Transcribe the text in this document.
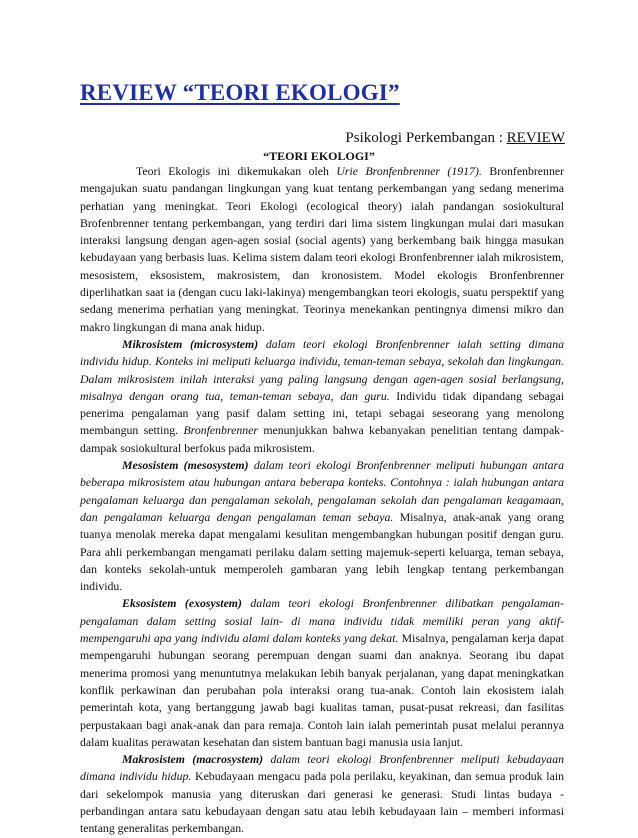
REVIEW “TEORI EKOLOGI”
Psikologi Perkembangan : REVIEW
“TEORI EKOLOGI”

Teori Ekologis ini dikemukakan oleh Urie Bronfenbrenner (1917). Bronfenbrenner mengajukan suatu pandangan lingkungan yang kuat tentang perkembangan yang sedang menerima perhatian yang meningkat. Teori Ekologi (ecological theory) ialah pandangan sosiokultural Brofenbrenner tentang perkembangan, yang terdiri dari lima sistem lingkungan mulai dari masukan interaksi langsung dengan agen-agen sosial (social agents) yang berkembang baik hingga masukan kebudayaan yang berbasis luas. Kelima sistem dalam teori ekologi Bronfenbrenner ialah mikrosistem, mesosistem, eksosistem, makrosistem, dan kronosistem. Model ekologis Bronfenbrenner diperlihatkan saat ia (dengan cucu laki-lakinya) mengembangkan teori ekologis, suatu perspektif yang sedang menerima perhatian yang meningkat. Teorinya menekankan pentingnya dimensi mikro dan makro lingkungan di mana anak hidup.

Mikrosistem (microsystem) dalam teori ekologi Bronfenbrenner ialah setting dimana individu hidup. Konteks ini meliputi keluarga individu, teman-teman sebaya, sekolah dan lingkungan. Dalam mikrosistem inilah interaksi yang paling langsung dengan agen-agen sosial berlangsung, misalnya dengan orang tua, teman-teman sebaya, dan guru. Individu tidak dipandang sebagai penerima pengalaman yang pasif dalam setting ini, tetapi sebagai seseorang yang menolong membangun setting. Bronfenbrenner menunjukkan bahwa kebanyakan penelitian tentang dampak-dampak sosiokultural berfokus pada mikrosistem.

Mesosistem (mesosystem) dalam teori ekologi Bronfenbrenner meliputi hubungan antara beberapa mikrosistem atau hubungan antara beberapa konteks. Contohnya : ialah hubungan antara pengalaman keluarga dan pengalaman sekolah, pengalaman sekolah dan pengalaman keagamaan, dan pengalaman keluarga dengan pengalaman teman sebaya. Misalnya, anak-anak yang orang tuanya menolak mereka dapat mengalami kesulitan mengembangkan hubungan positif dengan guru. Para ahli perkembangan mengamati perilaku dalam setting majemuk-seperti keluarga, teman sebaya, dan konteks sekolah-untuk memperoleh gambaran yang lebih lengkap tentang perkembangan individu.

Eksosistem (exosystem) dalam teori ekologi Bronfenbrenner dilibatkan pengalaman-pengalaman dalam setting sosial lain- di mana individu tidak memiliki peran yang aktif-mempengaruhi apa yang individu alami dalam konteks yang dekat. Misalnya, pengalaman kerja dapat mempengaruhi hubungan seorang perempuan dengan suami dan anaknya. Seorang ibu dapat menerima promosi yang menuntutnya melakukan lebih banyak perjalanan, yang dapat meningkatkan konflik perkawinan dan perubahan pola interaksi orang tua-anak. Contoh lain ekosistem ialah pemerintah kota, yang bertanggung jawab bagi kualitas taman, pusat-pusat rekreasi, dan fasilitas perpustakaan bagi anak-anak dan para remaja. Contoh lain ialah pemerintah pusat melalui perannya dalam kualitas perawatan kesehatan dan sistem bantuan bagi manusia usia lanjut.

Makrosistem (macrosystem) dalam teori ekologi Bronfenbrenner meliputi kebudayaan dimana individu hidup. Kebudayaan mengacu pada pola perilaku, keyakinan, dan semua produk lain dari sekelompok manusia yang diteruskan dari generasi ke generasi. Studi lintas budaya - perbandingan antara satu kebudayaan dengan satu atau lebih kebudayaan lain – memberi informasi tentang generalitas perkembangan.
